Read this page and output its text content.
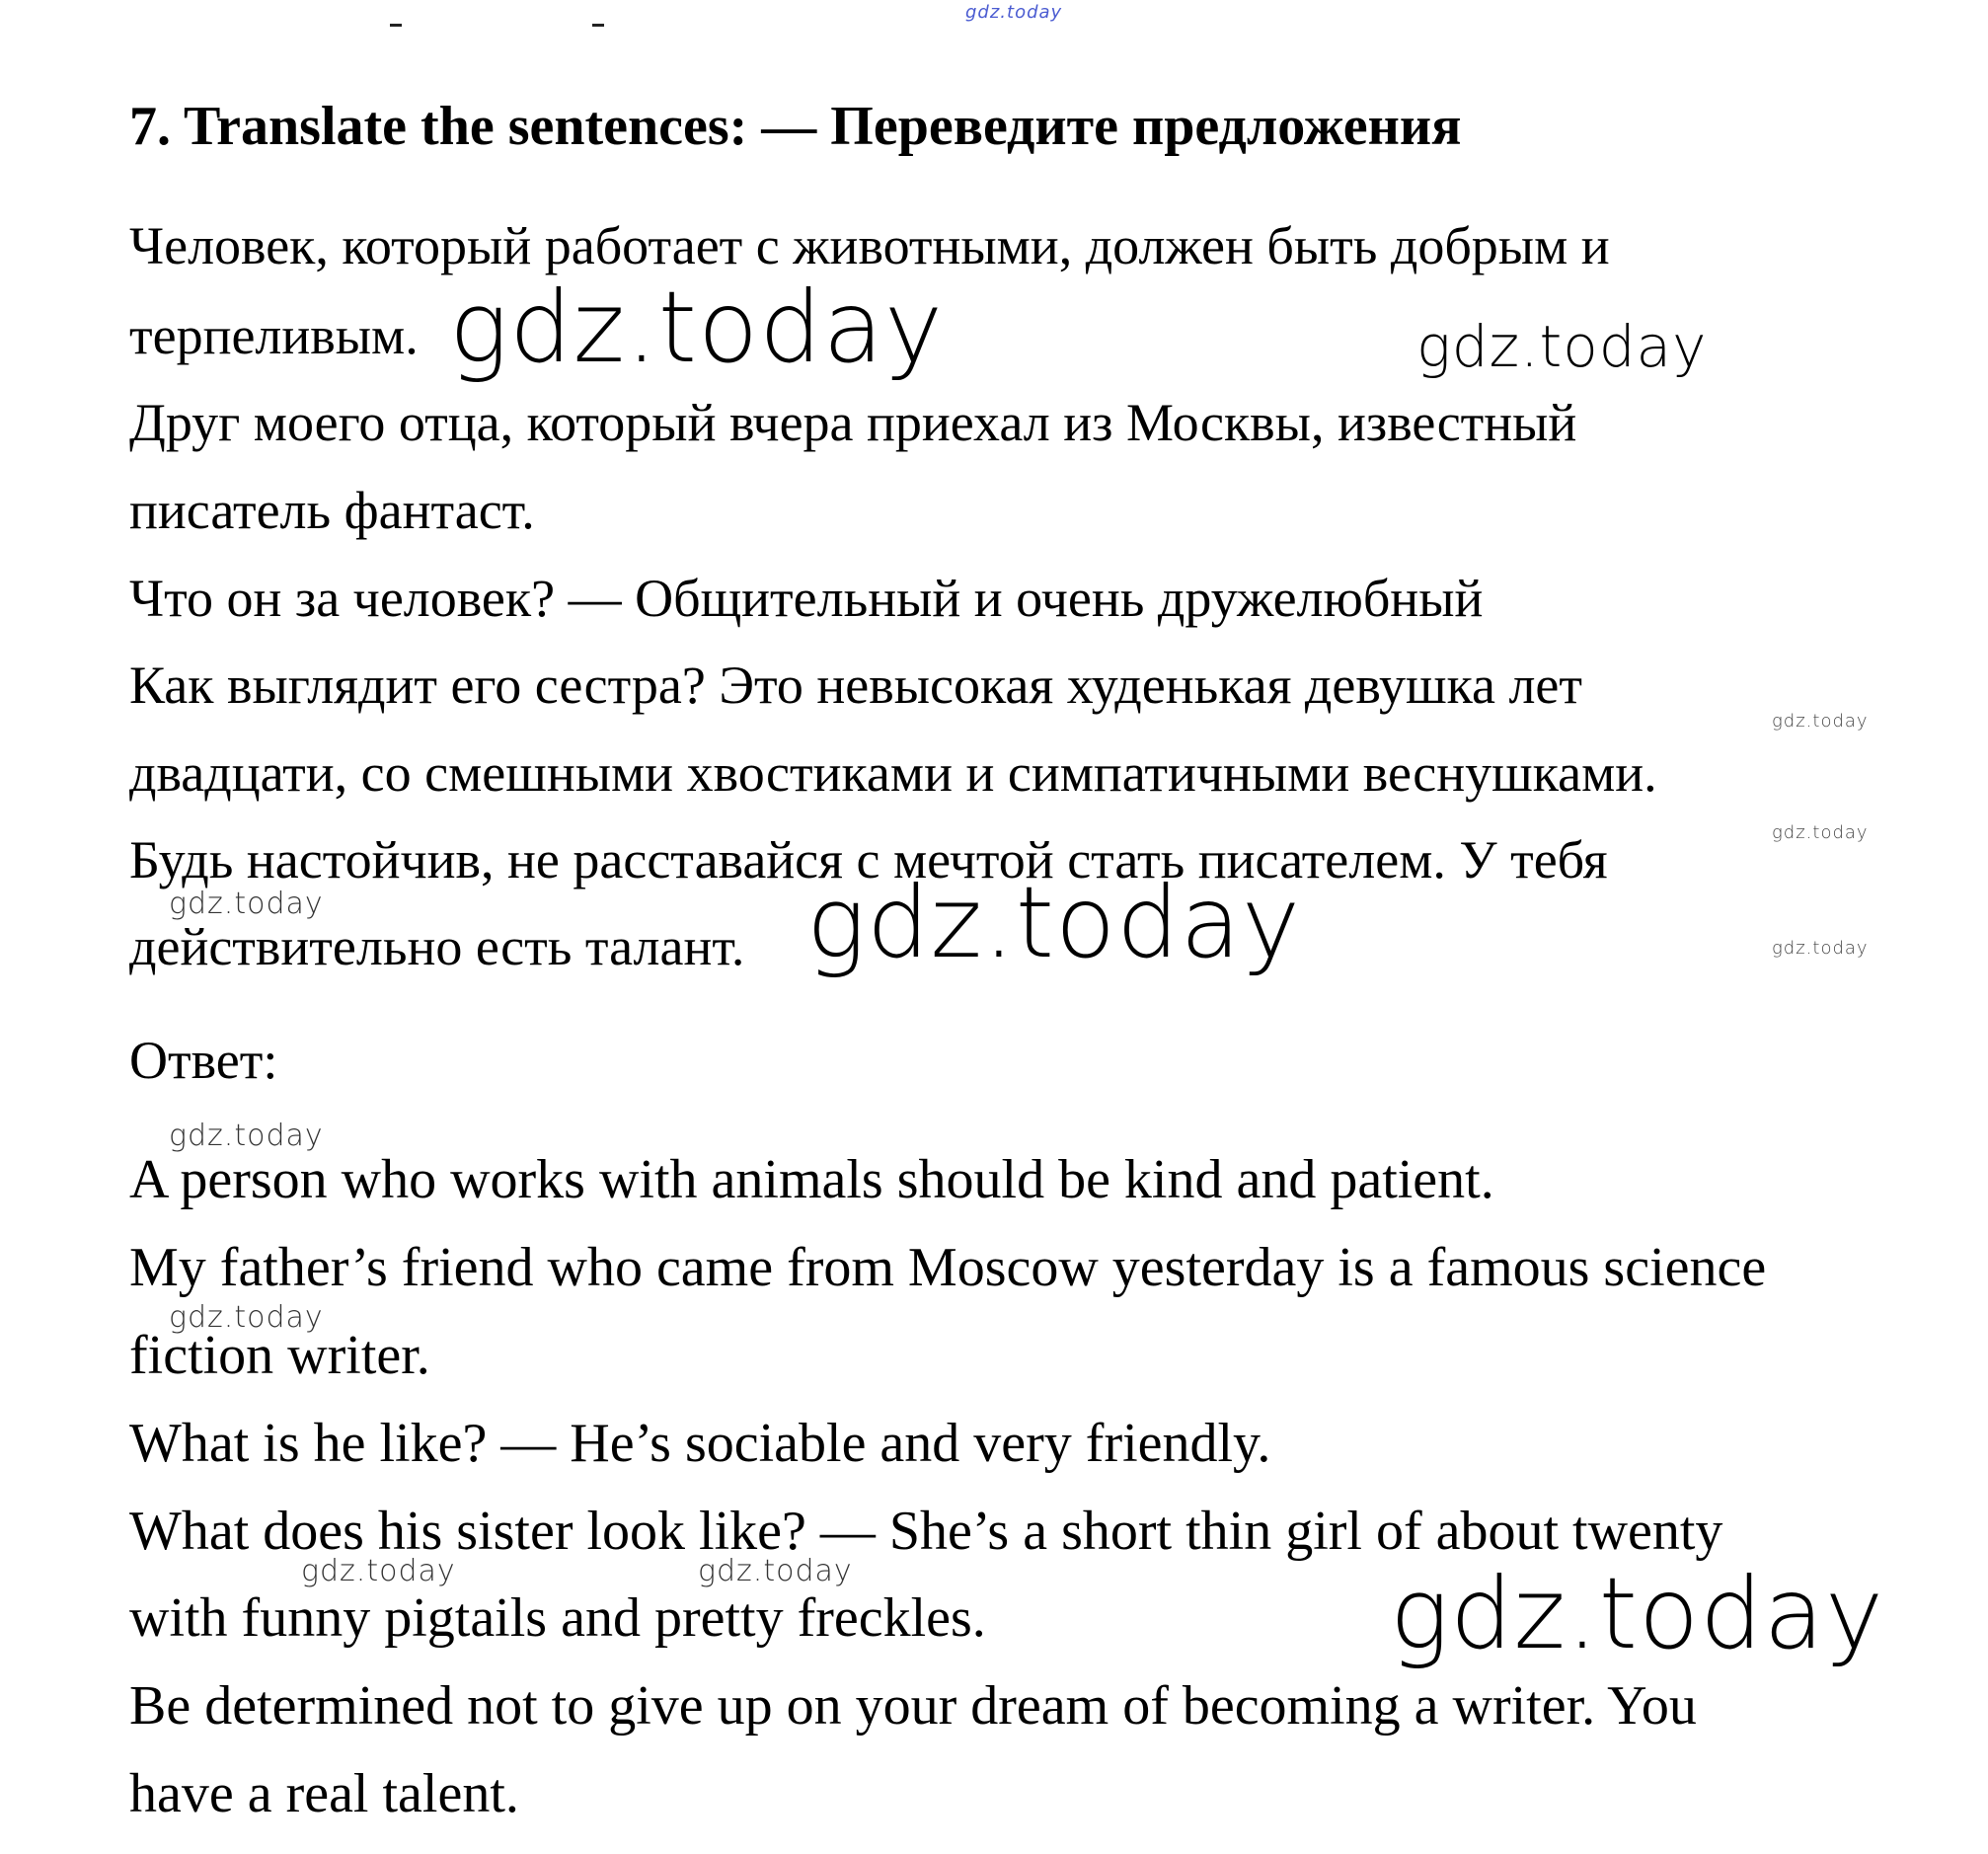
gdz.today
7. Translate the sentences: — Переведите предложения
Человек, который работает с животными, должен быть добрым и
терпеливым.
Друг моего отца, который вчера приехал из Москвы, известный
писатель фантаст.
Что он за человек? — Общительный и очень дружелюбный
Как выглядит его сестра? Это невысокая худенькая девушка лет
двадцати, со смешными хвостиками и симпатичными веснушками.
Будь настойчив, не расставайся с мечтой стать писателем. У тебя
действительно есть талант.
Ответ:
A person who works with animals should be kind and patient.
My father’s friend who came from Moscow yesterday is a famous science
fiction writer.
What is he like? — He’s sociable and very friendly.
What does his sister look like? — She’s a short thin girl of about twenty
with funny pigtails and pretty freckles.
Be determined not to give up on your dream of becoming a writer. You
have a real talent.
gdz.today	gdz.today
gdz.today
gdz.today
gdz.today	gdz.today	gdz.today
gdz.today
gdz.today
gdz.today	gdz.today	gdz.today
